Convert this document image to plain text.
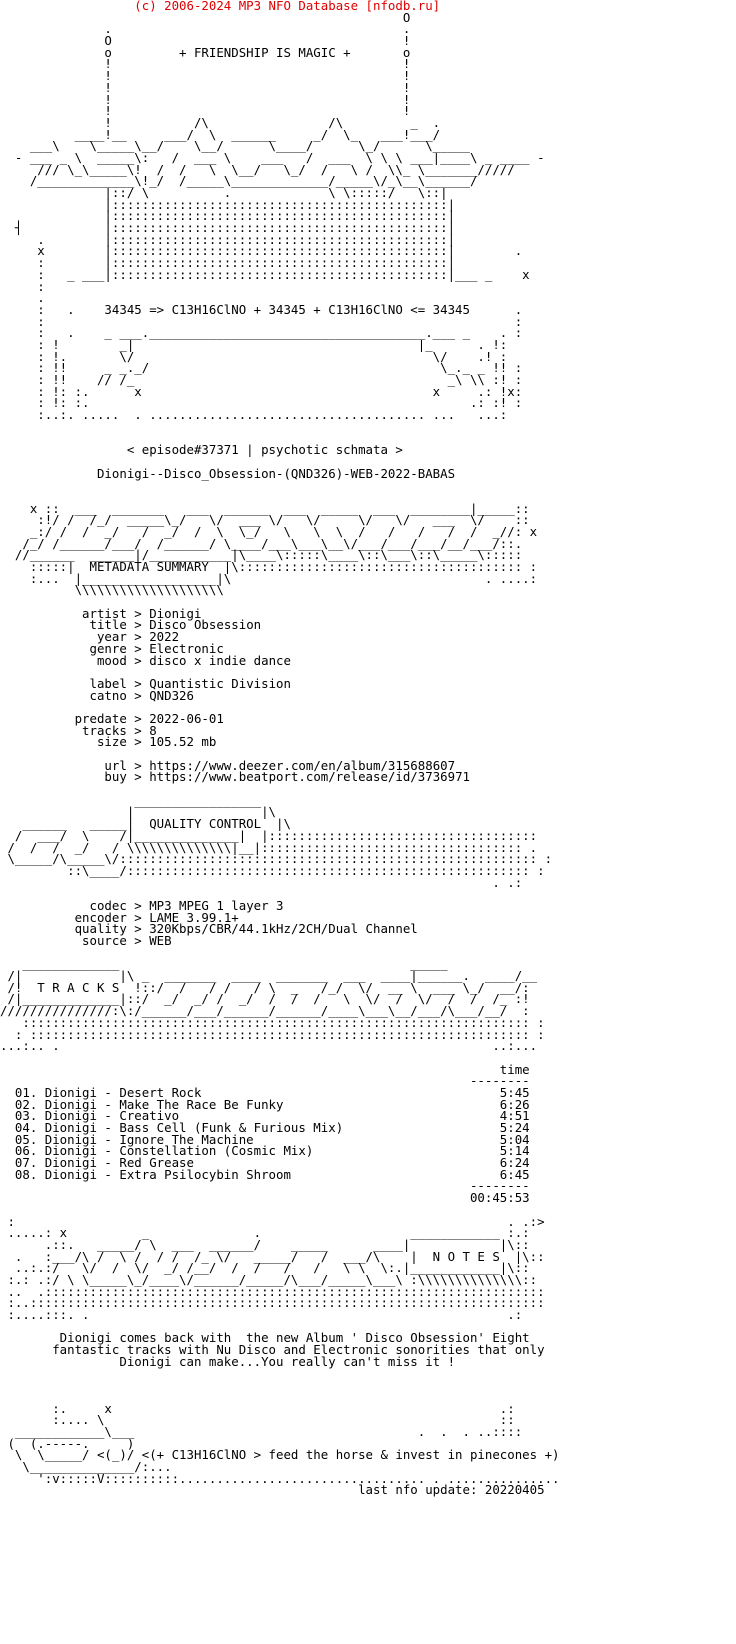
(c) 2006-2024 MP3 NFO Database [nfodb.ru]
O
.                                       .
O                                       !
o         + FRIENDSHIP IS MAGIC +       o
!                                       !
!                                       !
!                                       !
!                                       !
!                                       !
!           /\                /\         _  .
____!__     ___/  \  ______     _/  \_   ___!___/
___\    \_____\__/    \__/      \____/      \_/      \_____
- ___ _ \  _____\:   /  ___ \    ___   /  ___  \ \ \ ___|____\ _ ____ -
/// \_\_____\!  /  /   \  \__/   \_/  /   \ /  \\_ \_______/////
/_____________\!_/  /_____\_____________/_____\/_\__\______/
|::/ \          .             \ \:::::/   \::|
|:::::::::::::::::::::::::::::::::::::::::::::|
|:::::::::::::::::::::::::::::::::::::::::::::|
┤           |:::::::::::::::::::::::::::::::::::::::::::::|
.        |:::::::::::::::::::::::::::::::::::::::::::::|
x        |:::::::::::::::::::::::::::::::::::::::::::::|        .
:        |:::::::::::::::::::::::::::::::::::::::::::::|
:   _ ___|:::::::::::::::::::::::::::::::::::::::::::::|___ _    x
:
.
:   .    34345 => C13H16ClNO + 34345 + C13H16ClNO <= 34345      .
:                                                               :
:   .    _ ___._____________________________________.___ _    . :
: !        _|                                      |_      . !:
: !.       \/                                        \/    .! :
: !!     _ _._/                                       \_._ _ !! :
: !!    // /_                                          _\ \\ :! :
: !: :.      x                                       x     .: !x:
: !: :.                                                   .: :! :
:..:. .....  . ..................................... ...   ...:

< episode#37371 | psychotic schmata >

Dionigi--Disco_Obsession-(QND326)-WEB-2022-BABAS

x ::  ___  _______   ___  ______  ___  _____  ___  ________|_____::
:!/ /  /_/  _____\_/   \/  ___ \/   \/     \/   \/   ___  \/    ::
_:/ /  /  _/   /  _/  /  \  \_/   \   \  \  /   /   /   /  /  _//: x
/_/ /______/___/  /______/ \____/___\___\__\/___/___/___/__/___/::.
//______  ______|/___________|\____\:::::\____\::\___\::\_____\:::::
:::::|  METADATA SUMMARY  |\:::::::::::::::::::::::::::::::::::::: :
:...  |__________________|\                                  . ....:
\\\\\\\\\\\\\\\\\\\\

artist > Dionigi
title > Disco Obsession
year > 2022
genre > Electronic
mood > disco x indie dance

label > Quantistic Division
catno > QND326

predate > 2022-06-01
tracks > 8
size > 105.52 mb

url > https://www.deezer.com/en/album/315688607
buy > https://www.beatport.com/release/id/3736971

_________________
|                 |\
______   _____|  QUALITY CONTROL  |\
/  ___/  \    /|______________|  |::::::::::::::::::::::::::::::::::::
/  /  /  _/   / \\\\\\\\\\\\\\|__|::::::::::::::::::::::::::::::::::: .
\_____/\_____\/:::::::::::::::::::::::::::::::::::::::::::::::::::::::: :
::\____/:::::::::::::::::::::::::::::::::::::::::::::::::::::: :
. .:

codec > MP3 MPEG 1 layer 3
encoder > LAME 3.99.1+
quality > 320Kbps/CBR/44.1kHz/2CH/Dual Channel
source > WEB

_____________                                       _____
/|             |\ _  _______  ____  _______  ___  ____|______.  ____/__
/!  T R A C K S  !::/  /   / /   / \  _   /_/  \/  __ \  ___ \_/  __/:
/|_____________|::/  _/  _/ /  _/  /  /  /   \  \/  /  \/  /  /  /_ :!
///////////////:\:/______/___/______/______/____\___\__/___/\___/__/  :
:::::::::::::::::::::::::::::::::::::::::::::::::::::::::::::::::::: :
: ::::::::::::::::::::::::::::::::::::::::::::::::::::::::::::::::::: :
...:.. .                                                          ..:...

time
--------
01. Dionigi - Desert Rock                                        5:45
02. Dionigi - Make The Race Be Funky                             6:26
03. Dionigi - Creativo                                           4:51
04. Dionigi - Bass Cell (Funk & Furious Mix)                     5:24
05. Dionigi - Ignore The Machine                                 5:04
06. Dionigi - Constellation (Cosmic Mix)                         5:14
07. Dionigi - Red Grease                                         6:24
08. Dionigi - Extra Psilocybin Shroom                            6:45
--------
00:45:53

:                                                                  . .:>
.....: x          _              .                    ____________ :.:
.::.   _____/ \  ___  ______/    _____      ____|            |\::
.   :___/\ /  \ /  / /  /_ \/   _____/   /  ___/\    |  N O T E S  |\::
..:.:/   \/  /  \/  _/ /__/  /  /   /   /   \ \  \:.|____________|\::
:.: .:/ \ \_____\_/____\/______/_____/\___/_____\___\ :\\\\\\\\\\\\\\::
..  .:::::::::::::::::::::::::::::::::::::::::::::::::::::::::::::::::::
:..:::::::::::::::::::::::::::::::::::::::::::::::::::::::::::::::::::::
:....:::. .                                                        .:

Dionigi comes back with  the new Album ' Disco Obsession' Eight
fantastic tracks with Nu Disco and Electronic sonorities that only
Dionigi can make...You really can't miss it !

:.     x                                                    .:
:.... \                                                     ::
____________\___                                      .  .  . ..::::
(  (.-----.     )
\  \_____/ <(_)/ <(+ C13H16ClNO > feed the horse & invest in pinecones +)
\______________/:...
':v:::::V::::::::::................................. . ...............
last nfo update: 20220405
